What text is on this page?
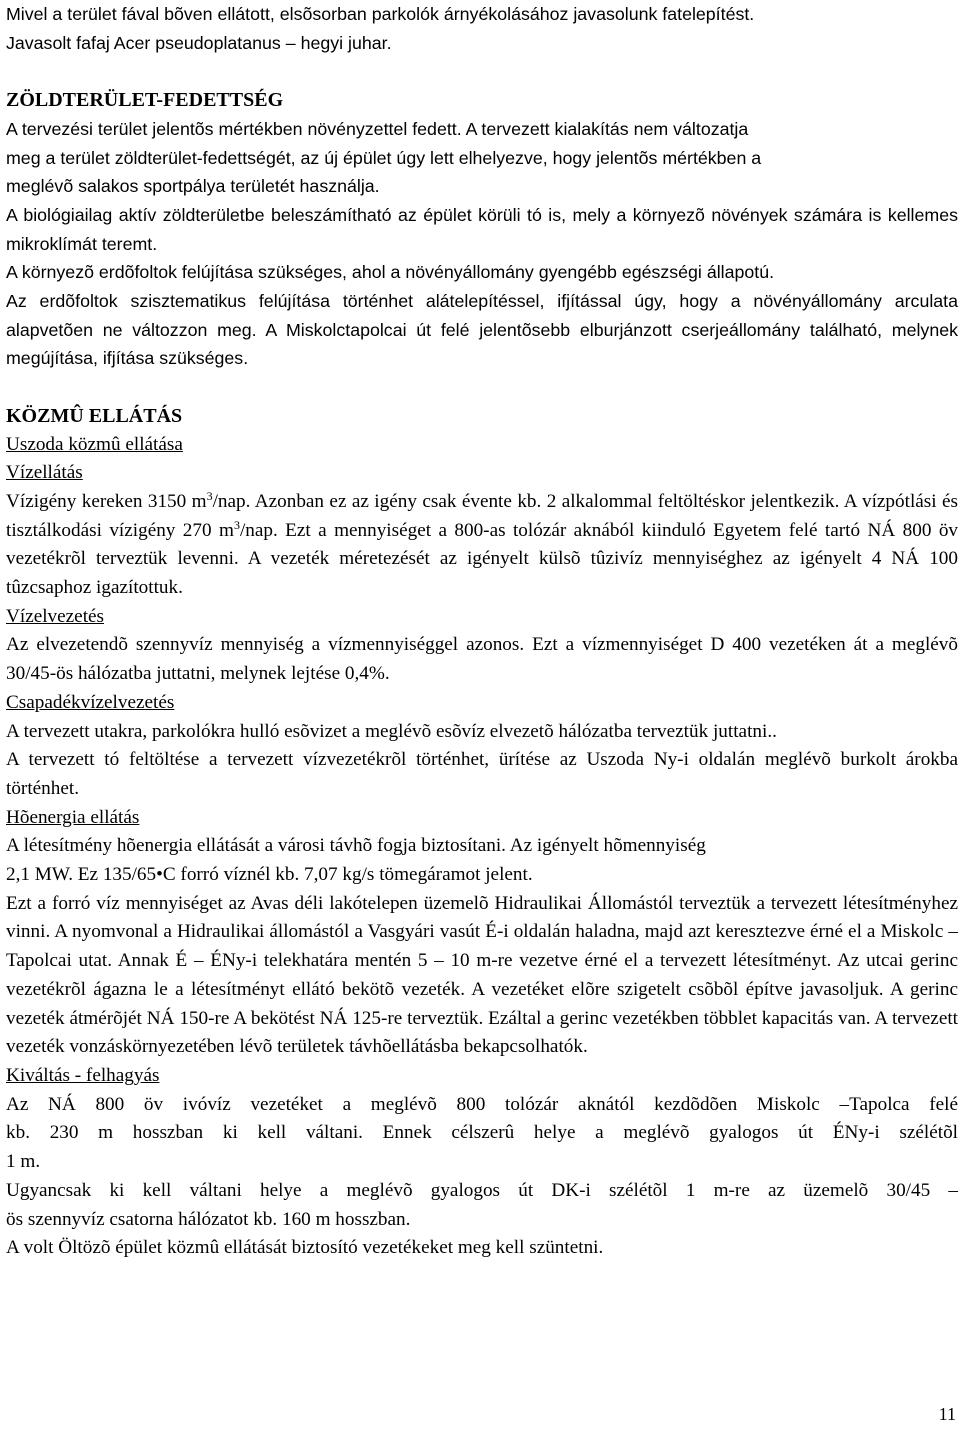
Mivel a terület fával bõven ellátott, elsõsorban parkolók árnyékolásához javasolunk fatelepítést.

Javasolt fafaj Acer pseudoplatanus – hegyi juhar.

ZÖLDTERÜLET-FEDETTSÉG

A tervezési terület jelentõs mértékben növényzettel fedett. A tervezett kialakítás nem változatja

meg a terület zöldterület-fedettségét, az új épület úgy lett elhelyezve, hogy jelentõs mértékben a

meglévõ salakos sportpálya területét használja.

A biológiailag aktív zöldterületbe beleszámítható az épület körüli tó is, mely a környezõ növények számára is kellemes mikroklímát teremt.

A környezõ erdõfoltok felújítása szükséges, ahol a növényállomány gyengébb egészségi állapotú.

Az erdõfoltok szisztematikus felújítása történhet alátelepítéssel, ifjítással úgy, hogy a növényállomány arculata alapvetõen ne változzon meg. A Miskolctapolcai út felé jelentõsebb elburjánzott cserjeállomány található, melynek megújítása, ifjítása szükséges.

KÖZMÛ ELLÁTÁS

Uszoda közmû ellátása

Vízellátás

Vízigény kereken 3150 $m^3$/nap. Azonban ez az igény csak évente kb. 2 alkalommal feltöltéskor jelentkezik. A vízpótlási és tisztálkodási vízigény 270 $m^3$/nap. Ezt a mennyiséget a 800-as tolózár aknából kiinduló Egyetem felé tartó NÁ 800 öv vezetékrõl terveztük levenni. A vezeték méretezését az igényelt külsõ tûzivíz mennyiséghez az igényelt 4 NÁ 100 tûzcsaphoz igazítottuk.

Vízelvezetés

Az elvezetendõ szennyvíz mennyiség a vízmennyiséggel azonos. Ezt a vízmennyiséget D 400 vezetéken át a meglévõ 30/45-ös hálózatba juttatni, melynek lejtése 0,4%.

Csapadékvízelvezetés

A tervezett utakra, parkolókra hulló esõvizet a meglévõ esõvíz elvezetõ hálózatba terveztük juttatni..

A tervezett tó feltöltése a tervezett vízvezetékrõl történhet, ürítése az Uszoda Ny-i oldalán meglévõ burkolt árokba történhet.

Hõenergia ellátás

A létesítmény hõenergia ellátását a városi távhõ fogja biztosítani. Az igényelt hõmennyiség

2,1 MW. Ez 135/65•C forró víznél kb. 7,07 kg/s tömegáramot jelent.

Ezt a forró víz mennyiséget az Avas déli lakótelepen üzemelõ Hidraulikai Állomástól terveztük a tervezett létesítményhez vinni. A nyomvonal a Hidraulikai állomástól a Vasgyári vasút É-i oldalán haladna, majd azt keresztezve érné el a Miskolc – Tapolcai utat. Annak É – ÉNy-i telekhatára mentén 5 – 10 m-re vezetve érné el a tervezett létesítményt. Az utcai gerinc vezetékrõl ágazna le a létesítményt ellátó bekötõ vezeték. A vezetéket elõre szigetelt csõbõl építve javasoljuk. A gerinc vezeték átmérõjét NÁ 150-re A bekötést NÁ 125-re terveztük. Ezáltal a gerinc vezetékben többlet kapacitás van. A tervezett vezeték vonzáskörnyezetében lévõ területek távhõellátásba bekapcsolhatók.

Kiváltás - felhagyás

Az NÁ 800 öv ivóvíz vezetéket a meglévõ 800 tolózár aknától kezdõdõen Miskolc –Tapolca felé

kb. 230 m hosszban ki kell váltani. Ennek célszerû helye a meglévõ gyalogos út ÉNy-i szélétõl

1 m.

Ugyancsak ki kell váltani helye a meglévõ gyalogos út DK-i szélétõl 1 m-re az üzemelõ 30/45 –

ös szennyvíz csatorna hálózatot kb. 160 m hosszban.

A volt Öltözõ épület közmû ellátását biztosító vezetékeket meg kell szüntetni.

11
